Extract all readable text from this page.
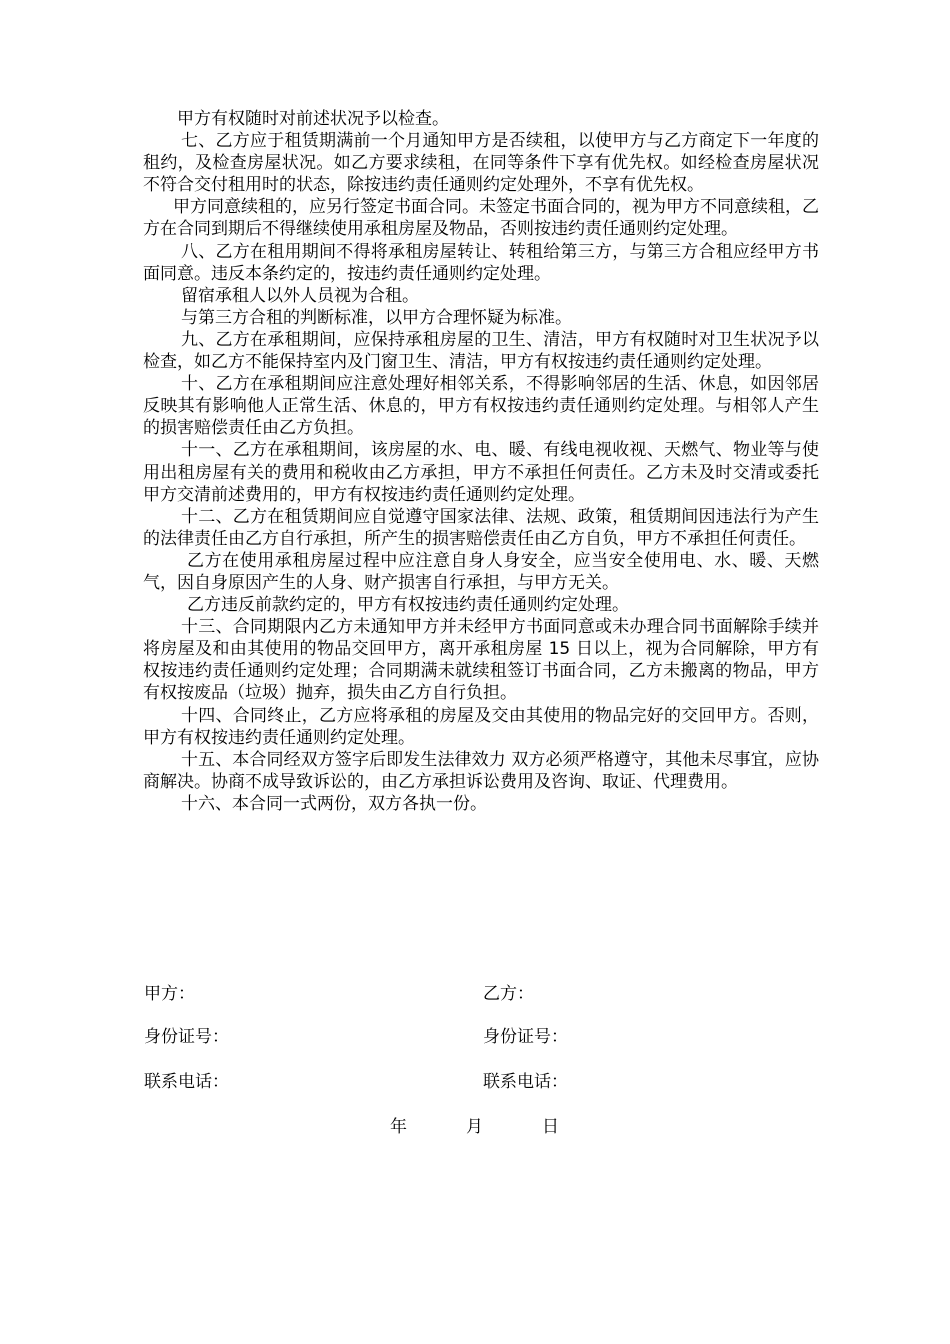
甲方有权随时对前述状况予以检查。

七、乙方应于租赁期满前一个月通知甲方是否续租，以使甲方与乙方商定下一年度的租约，及检查房屋状况。如乙方要求续租，在同等条件下享有优先权。如经检查房屋状况不符合交付租用时的状态，除按违约责任通则约定处理外，不享有优先权。

甲方同意续租的，应另行签定书面合同。未签定书面合同的，视为甲方不同意续租，乙方在合同到期后不得继续使用承租房屋及物品，否则按违约责任通则约定处理。

八、乙方在租用期间不得将承租房屋转让、转租给第三方，与第三方合租应经甲方书面同意。违反本条约定的，按违约责任通则约定处理。

留宿承租人以外人员视为合租。

与第三方合租的判断标准，以甲方合理怀疑为标准。

九、乙方在承租期间，应保持承租房屋的卫生、清洁，甲方有权随时对卫生状况予以检查，如乙方不能保持室内及门窗卫生、清洁，甲方有权按违约责任通则约定处理。

十、乙方在承租期间应注意处理好相邻关系，不得影响邻居的生活、休息，如因邻居反映其有影响他人正常生活、休息的，甲方有权按违约责任通则约定处理。与相邻人产生的损害赔偿责任由乙方负担。

十一、乙方在承租期间，该房屋的水、电、暖、有线电视收视、天燃气、物业等与使用出租房屋有关的费用和税收由乙方承担，甲方不承担任何责任。乙方未及时交清或委托甲方交清前述费用的，甲方有权按违约责任通则约定处理。

十二、乙方在租赁期间应自觉遵守国家法律、法规、政策，租赁期间因违法行为产生的法律责任由乙方自行承担，所产生的损害赔偿责任由乙方自负，甲方不承担任何责任。

乙方在使用承租房屋过程中应注意自身人身安全，应当安全使用电、水、暖、天燃气，因自身原因产生的人身、财产损害自行承担，与甲方无关。

乙方违反前款约定的，甲方有权按违约责任通则约定处理。

十三、合同期限内乙方未通知甲方并未经甲方书面同意或未办理合同书面解除手续并将房屋及和由其使用的物品交回甲方，离开承租房屋 15 日以上，视为合同解除，甲方有权按违约责任通则约定处理；合同期满未就续租签订书面合同，乙方未搬离的物品，甲方有权按废品（垃圾）抛弃，损失由乙方自行负担。

十四、合同终止，乙方应将承租的房屋及交由其使用的物品完好的交回甲方。否则，甲方有权按违约责任通则约定处理。

十五、本合同经双方签字后即发生法律效力 双方必须严格遵守，其他未尽事宜，应协商解决。协商不成导致诉讼的，由乙方承担诉讼费用及咨询、取证、代理费用。

十六、本合同一式两份，双方各执一份。

甲方：	乙方：
身份证号：	身份证号：
联系电话：	联系电话：
年	月	日
